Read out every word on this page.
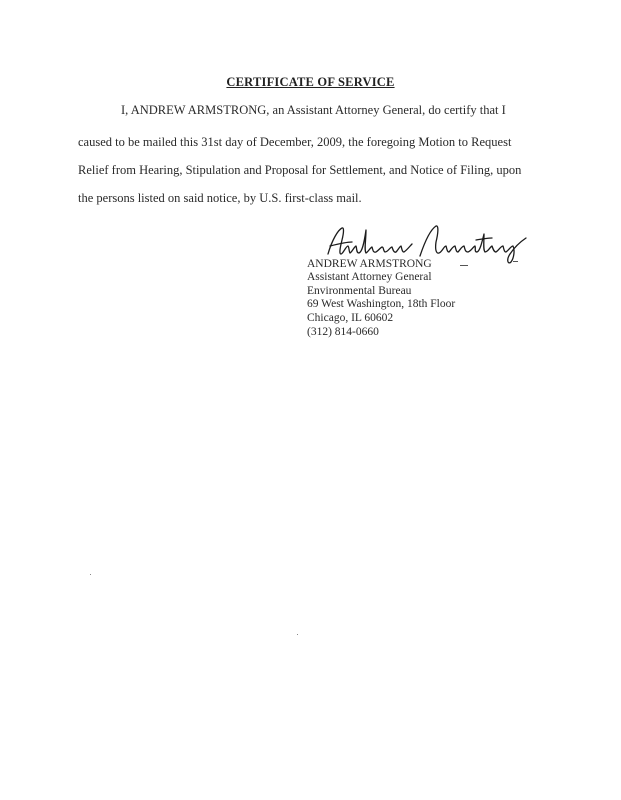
CERTIFICATE OF SERVICE
I, ANDREW ARMSTRONG, an Assistant Attorney General, do certify that I
caused to be mailed this 31st day of December, 2009, the foregoing Motion to Request
Relief from Hearing, Stipulation and Proposal for Settlement, and Notice of Filing, upon
the persons listed on said notice, by U.S. first-class mail.
ANDREW ARMSTRONG
Assistant Attorney General
Environmental Bureau
69 West Washington, 18th Floor
Chicago, IL 60602
(312) 814-0660
